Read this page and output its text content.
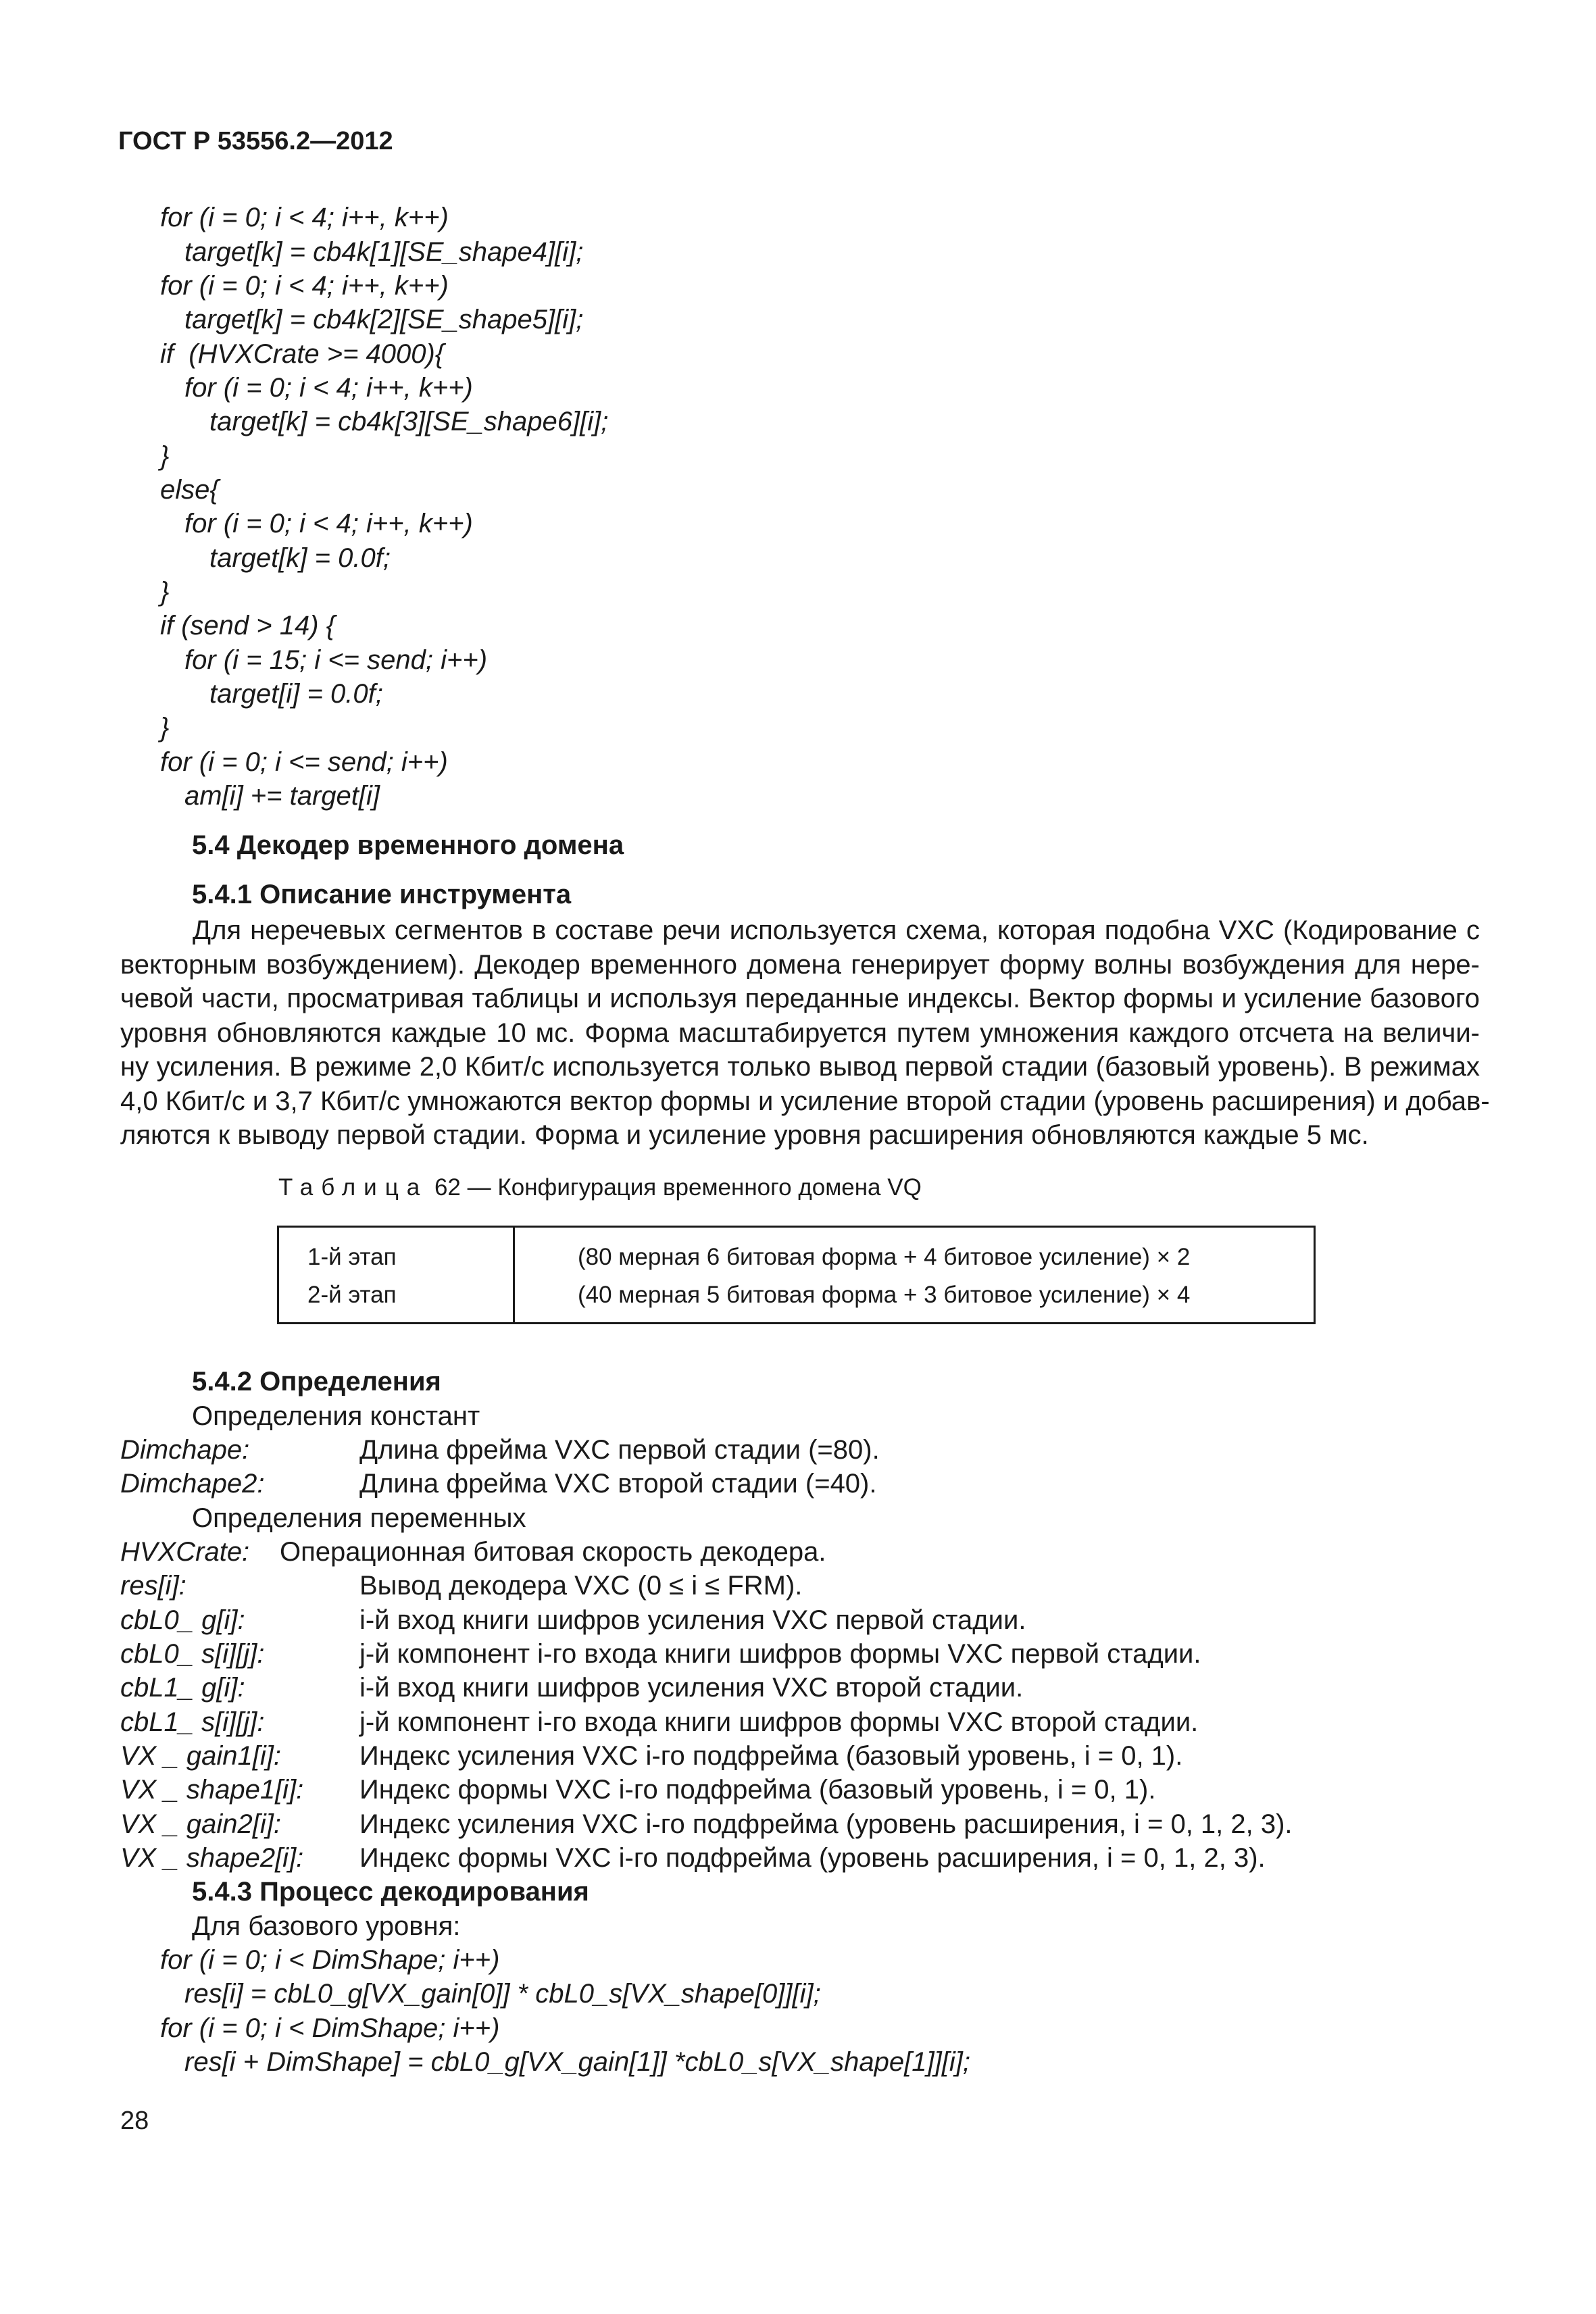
ГОСТ Р 53556.2—2012
for (i = 0; i < 4; i++, k++)
target[k] = cb4k[1][SE_shape4][i];
for (i = 0; i < 4; i++, k++)
target[k] = cb4k[2][SE_shape5][i];
if  (HVXCrate >= 4000){
for (i = 0; i < 4; i++, k++)
target[k] = cb4k[3][SE_shape6][i];
}
else{
for (i = 0; i < 4; i++, k++)
target[k] = 0.0f;
}
if (send > 14) {
for (i = 15; i <= send; i++)
target[i] = 0.0f;
}
for (i = 0; i <= send; i++)
am[i] += target[i]
5.4 Декодер временного домена
5.4.1 Описание инструмента
Для неречевых сегментов в составе речи используется схема, которая подобна VXC (Кодирование с
векторным возбуждением). Декодер временного домена генерирует форму волны возбуждения для нере-
чевой части, просматривая таблицы и используя переданные индексы. Вектор формы и усиление базового
уровня обновляются каждые 10 мс. Форма масштабируется путем умножения каждого отсчета на величи-
ну усиления. В режиме 2,0 Кбит/с используется только вывод первой стадии (базовый уровень). В режимах
4,0 Кбит/с и 3,7 Кбит/с умножаются вектор формы и усиление второй стадии (уровень расширения) и добав-
ляются к выводу первой стадии. Форма и усиление уровня расширения обновляются каждые 5 мс.
Таблица 62 — Конфигурация временного домена VQ
1-й этап	(80 мерная 6 битовая форма + 4 битовое усиление) × 2
2-й этап	(40 мерная 5 битовая форма + 3 битовое усиление) × 4
5.4.2 Определения
Определения констант
Dimchape:	Длина фрейма VXC первой стадии (=80).
Dimchape2:	Длина фрейма VXC второй стадии (=40).
Определения переменных
HVXCrate: Операционная битовая скорость декодера.
res[i]:	Вывод декодера VXC (0 ≤ i ≤ FRM).
cbL0_ g[i]:	i-й вход книги шифров усиления VXC первой стадии.
cbL0_ s[i][j]:	j-й компонент i-го входа книги шифров формы VXC первой стадии.
cbL1_ g[i]:	i-й вход книги шифров усиления VXC второй стадии.
cbL1_ s[i][j]:	j-й компонент i-го входа книги шифров формы VXC второй стадии.
VX _ gain1[i]:	Индекс усиления VXC i-го подфрейма (базовый уровень, i = 0, 1).
VX _ shape1[i]: Индекс формы VXC i-го подфрейма (базовый уровень, i = 0, 1).
VX _ gain2[i]:	Индекс усиления VXC i-го подфрейма (уровень расширения, i = 0, 1, 2, 3).
VX _ shape2[i]: Индекс формы VXC i-го подфрейма (уровень расширения, i = 0, 1, 2, 3).
5.4.3 Процесс декодирования
Для базового уровня:
for (i = 0; i < DimShape; i++)
res[i] = cbL0_g[VX_gain[0]] * cbL0_s[VX_shape[0]][i];
for (i = 0; i < DimShape; i++)
res[i + DimShape] = cbL0_g[VX_gain[1]] *cbL0_s[VX_shape[1]][i];
28
